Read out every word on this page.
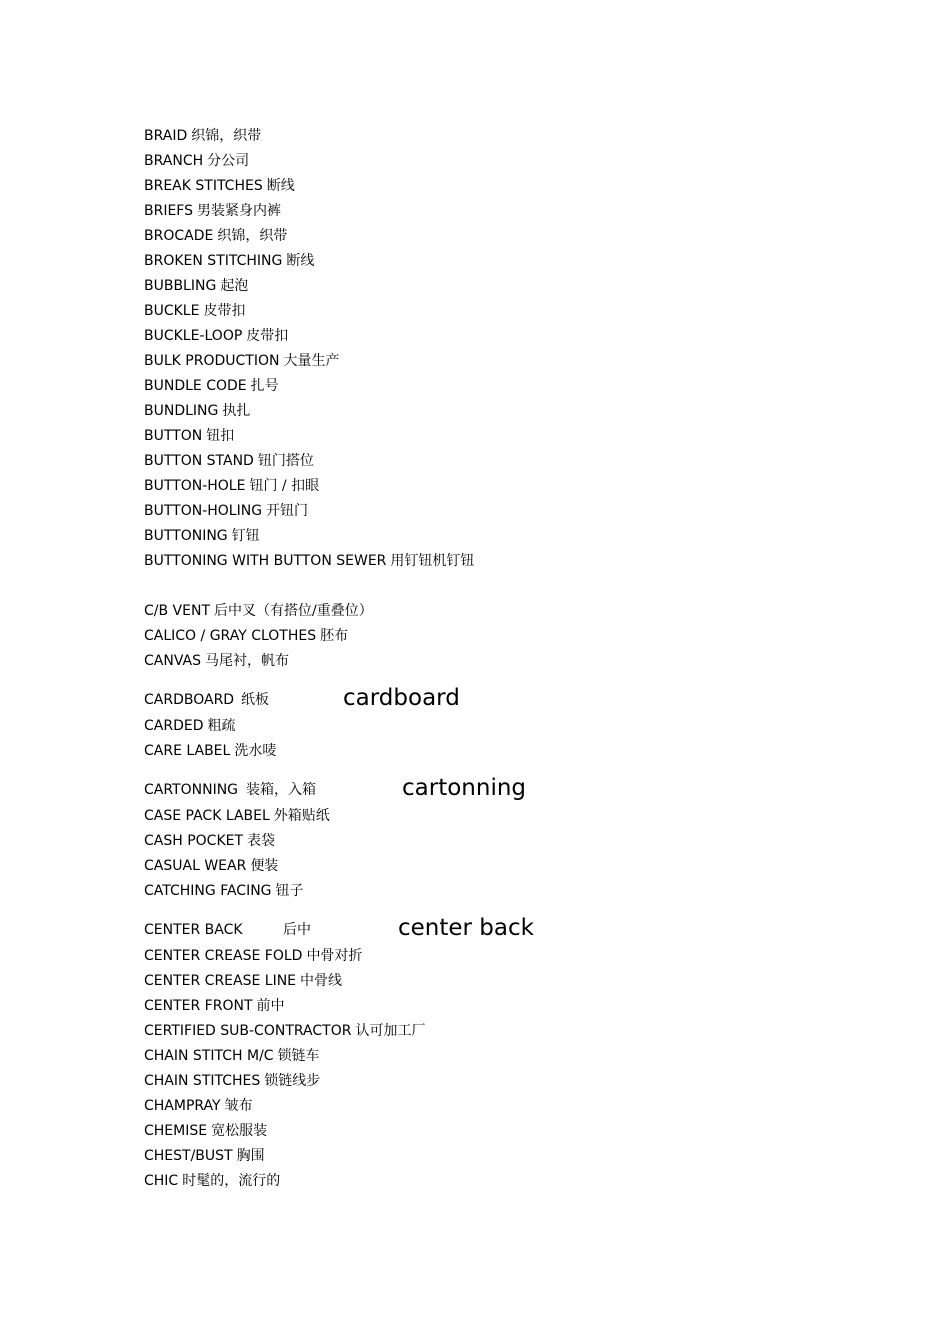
BRAID 织锦，织带
BRANCH 分公司
BREAK STITCHES 断线
BRIEFS 男装紧身内裤
BROCADE 织锦，织带
BROKEN STITCHING 断线
BUBBLING 起泡
BUCKLE 皮带扣
BUCKLE-LOOP 皮带扣
BULK PRODUCTION 大量生产
BUNDLE CODE 扎号
BUNDLING 执扎
BUTTON 钮扣
BUTTON STAND 钮门搭位
BUTTON-HOLE 钮门 / 扣眼
BUTTON-HOLING 开钮门
BUTTONING 钉钮
BUTTONING WITH BUTTON SEWER 用钉钮机钉钮
C/B VENT 后中叉（有搭位/重叠位）
CALICO / GRAY CLOTHES 胚布
CANVAS 马尾衬，帆布
CARDBOARD 纸板	cardboard
CARDED 粗疏
CARE LABEL 洗水唛
CARTONNING 装箱，入箱	cartonning
CASE PACK LABEL 外箱贴纸
CASH POCKET 表袋
CASUAL WEAR 便装
CATCHING FACING 钮子
CENTER BACK	后中	center back
CENTER CREASE FOLD 中骨对折
CENTER CREASE LINE 中骨线
CENTER FRONT 前中
CERTIFIED SUB-CONTRACTOR 认可加工厂
CHAIN STITCH M/C 锁链车
CHAIN STITCHES 锁链线步
CHAMPRAY 皱布
CHEMISE 宽松服装
CHEST/BUST 胸围
CHIC 时髦的，流行的
